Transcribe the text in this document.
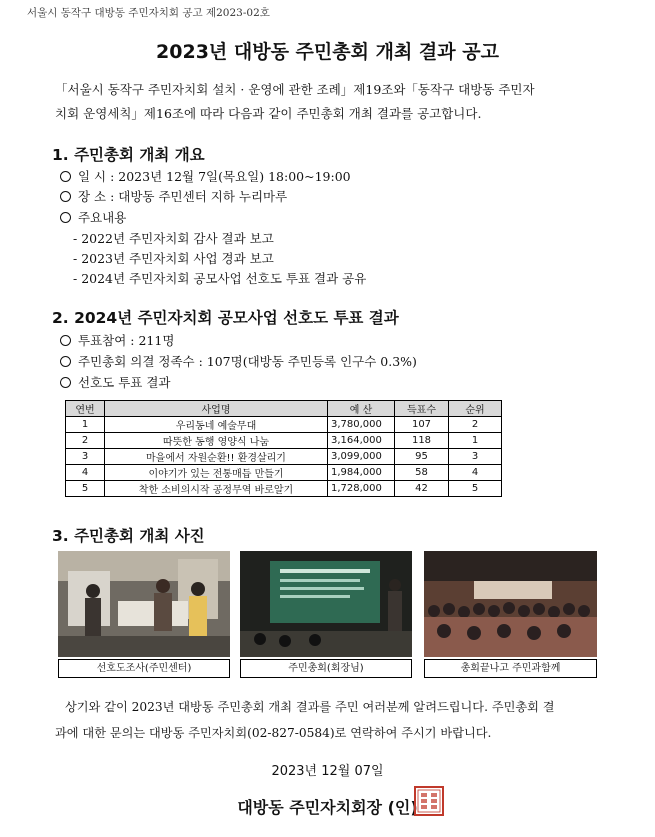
서울시 동작구 대방동 주민자치회 공고 제2023-02호
2023년 대방동 주민총회 개최 결과 공고
「서울시 동작구 주민자치회 설치 · 운영에 관한 조례」제19조와「동작구 대방동 주민자
치회 운영세칙」제16조에 따라 다음과 같이 주민총회 개최 결과를 공고합니다.
1. 주민총회 개최 개요
일 시 : 2023년 12월 7일(목요일) 18:00~19:00
장 소 : 대방동 주민센터 지하 누리마루
주요내용
- 2022년 주민자치회 감사 결과 보고
- 2023년 주민자치회 사업 경과 보고
- 2024년 주민자치회 공모사업 선호도 투표 결과 공유
2. 2024년 주민자치회 공모사업 선호도 투표 결과
투표참여 : 211명
주민총회 의결 정족수 : 107명(대방동 주민등록 인구수 0.3%)
선호도 투표 결과
연번	사업명	예 산	득표수	순위
1	우리동네 예술무대	3,780,000	107	2
2	따뜻한 동행 영양식 나눔	3,164,000	118	1
3	마을에서 자원순환!! 환경살리기	3,099,000	95	3
4	이야기가 있는 전통매듭 만들기	1,984,000	58	4
5	착한 소비의시작 공정무역 바로알기	1,728,000	42	5
3. 주민총회 개최 사진
선호도조사(주민센터)	주민총회(회장님)	총회끝나고 주민과함께
상기와 같이 2023년 대방동 주민총회 개최 결과를 주민 여러분께 알려드립니다. 주민총회 결
과에 대한 문의는 대방동 주민자치회(02-827-0584)로 연락하여 주시기 바랍니다.
2023년 12월 07일
대방동 주민자치회장 (인)
